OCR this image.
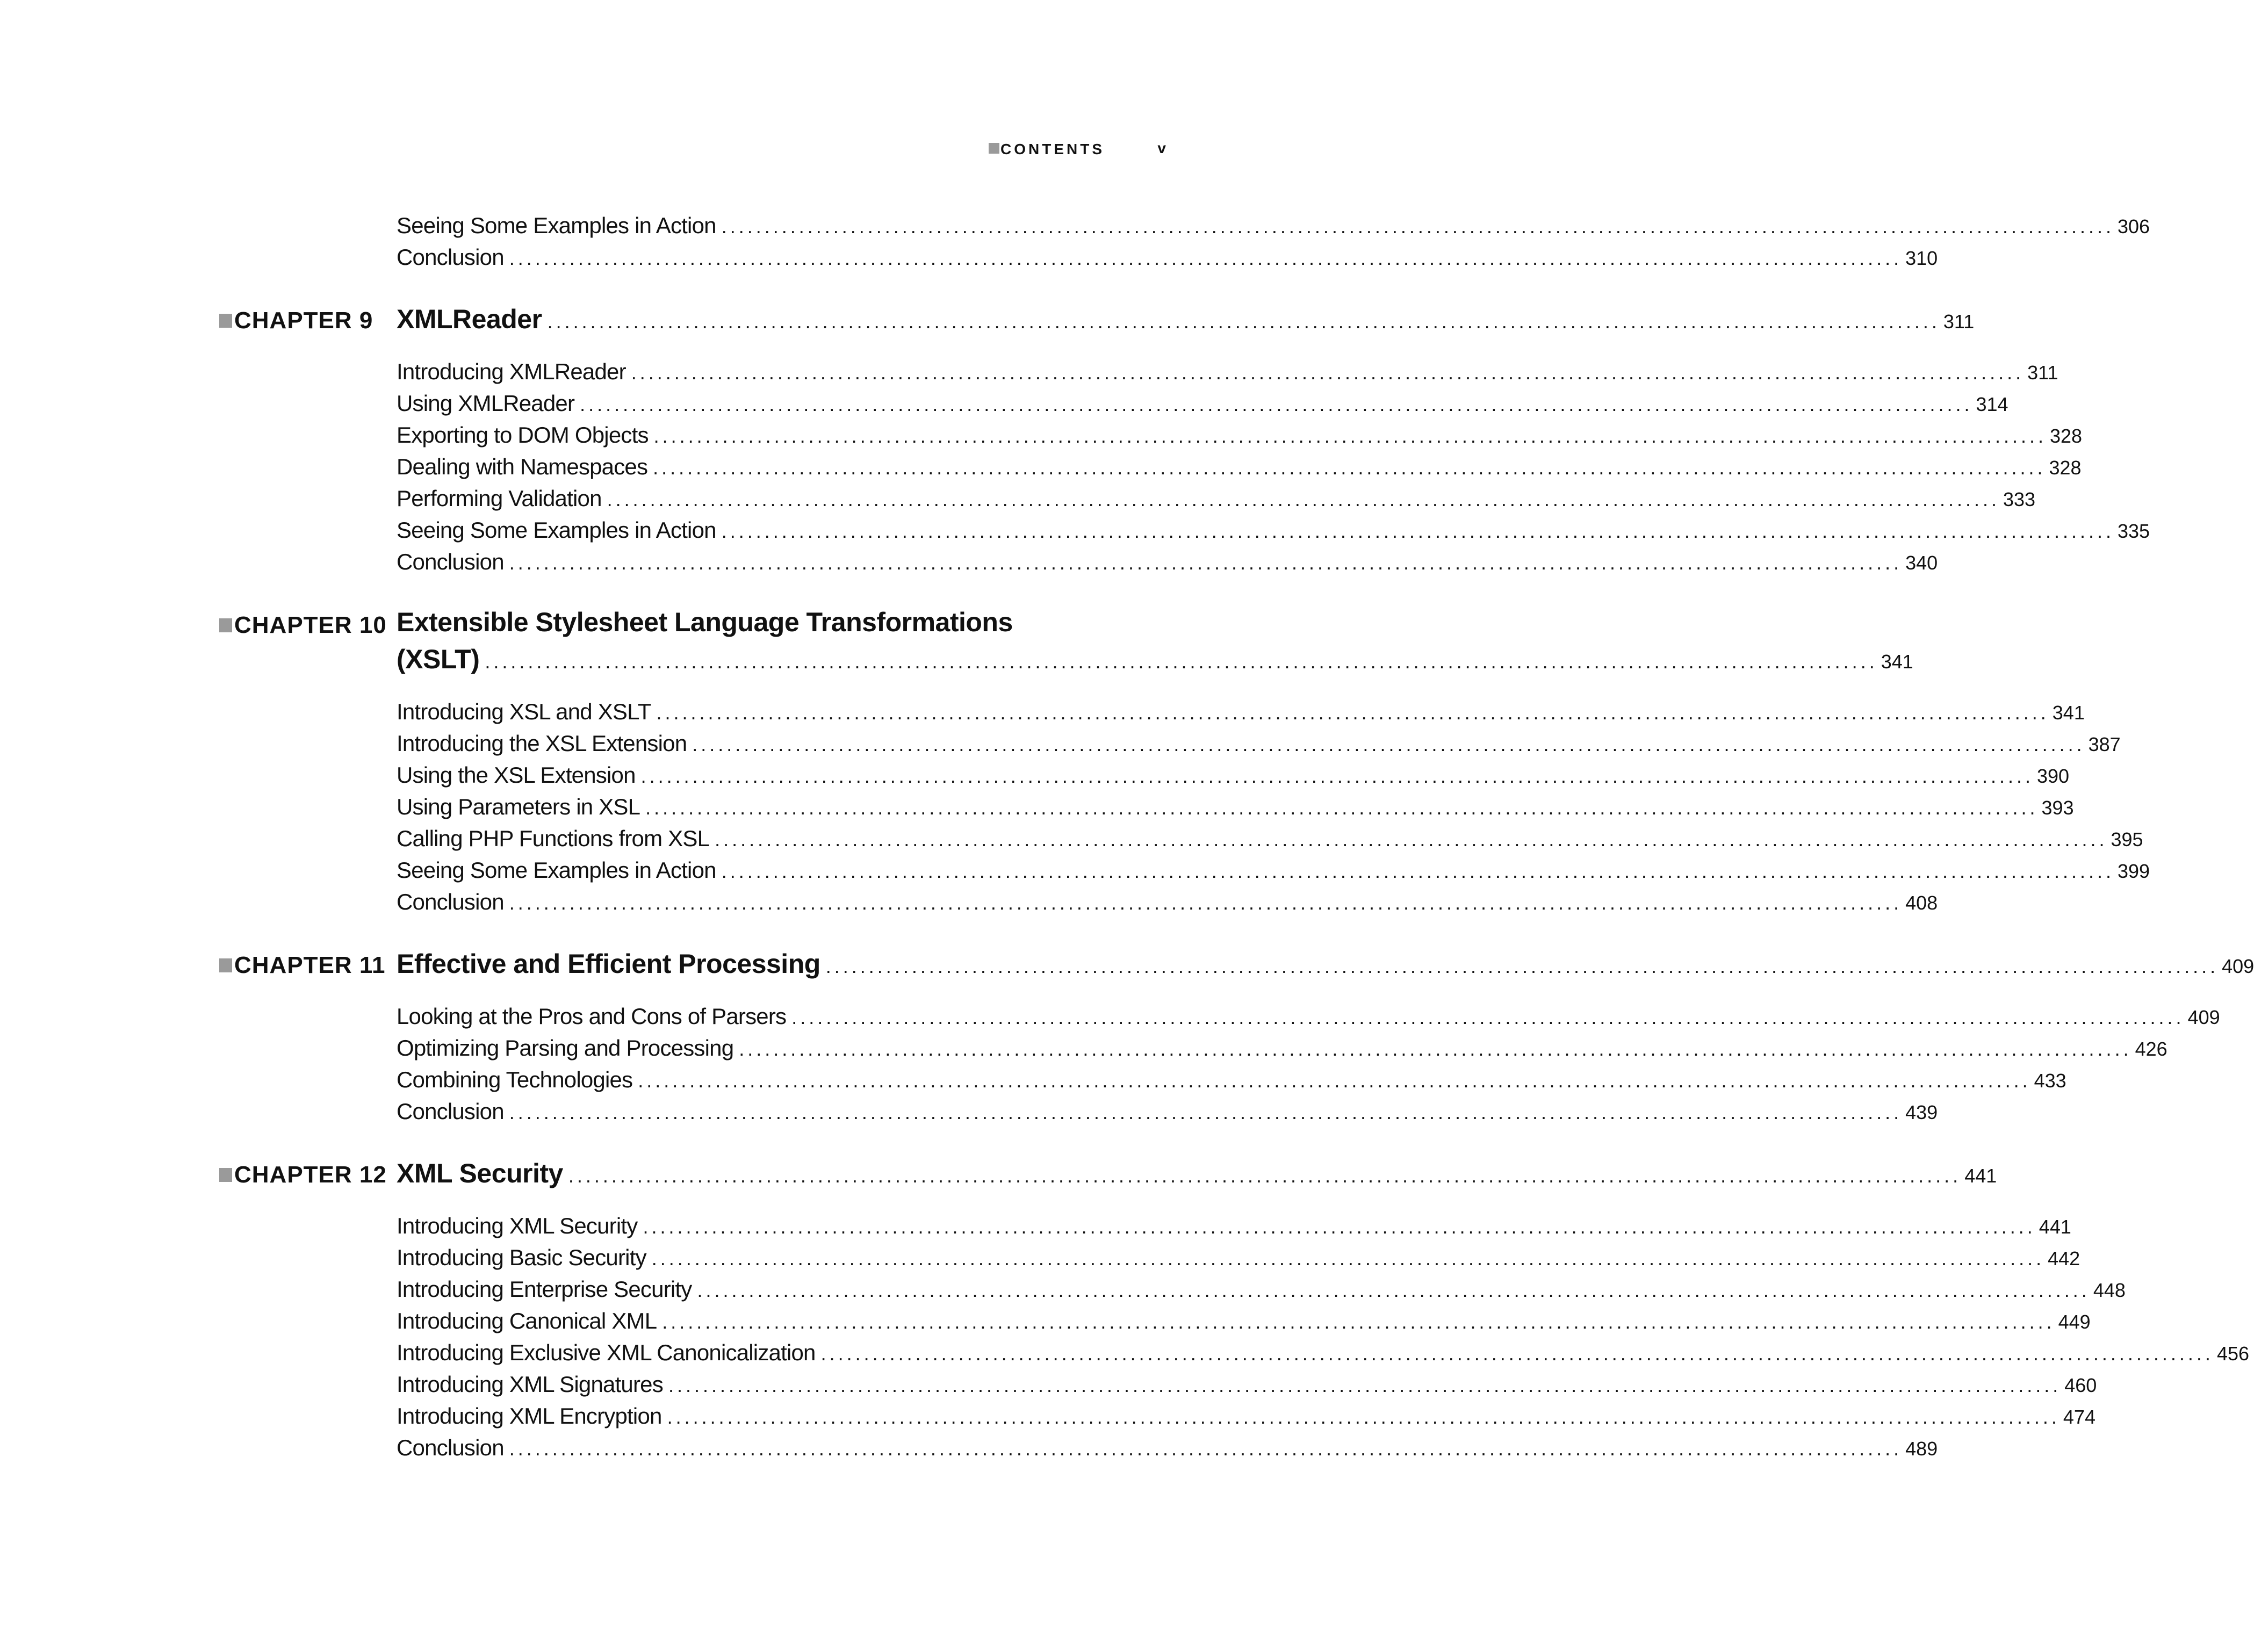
CONTENTS	v
Seeing Some Examples in Action .................................................................................................................................................................. 306
Conclusion .................................................................................................................................................................. 310
CHAPTER 9 XMLReader .................................................................................................................................................................. 311
Introducing XMLReader .................................................................................................................................................................. 311
Using XMLReader .................................................................................................................................................................. 314
Exporting to DOM Objects .................................................................................................................................................................. 328
Dealing with Namespaces .................................................................................................................................................................. 328
Performing Validation .................................................................................................................................................................. 333
Seeing Some Examples in Action .................................................................................................................................................................. 335
Conclusion .................................................................................................................................................................. 340
CHAPTER 10 Extensible Stylesheet Language Transformations
(XSLT) .................................................................................................................................................................. 341
Introducing XSL and XSLT .................................................................................................................................................................. 341
Introducing the XSL Extension .................................................................................................................................................................. 387
Using the XSL Extension .................................................................................................................................................................. 390
Using Parameters in XSL .................................................................................................................................................................. 393
Calling PHP Functions from XSL .................................................................................................................................................................. 395
Seeing Some Examples in Action .................................................................................................................................................................. 399
Conclusion .................................................................................................................................................................. 408
CHAPTER 11 Effective and Efficient Processing .................................................................................................................................................................. 409
Looking at the Pros and Cons of Parsers .................................................................................................................................................................. 409
Optimizing Parsing and Processing .................................................................................................................................................................. 426
Combining Technologies .................................................................................................................................................................. 433
Conclusion .................................................................................................................................................................. 439
CHAPTER 12 XML Security .................................................................................................................................................................. 441
Introducing XML Security .................................................................................................................................................................. 441
Introducing Basic Security .................................................................................................................................................................. 442
Introducing Enterprise Security .................................................................................................................................................................. 448
Introducing Canonical XML .................................................................................................................................................................. 449
Introducing Exclusive XML Canonicalization .................................................................................................................................................................. 456
Introducing XML Signatures .................................................................................................................................................................. 460
Introducing XML Encryption .................................................................................................................................................................. 474
Conclusion .................................................................................................................................................................. 489
